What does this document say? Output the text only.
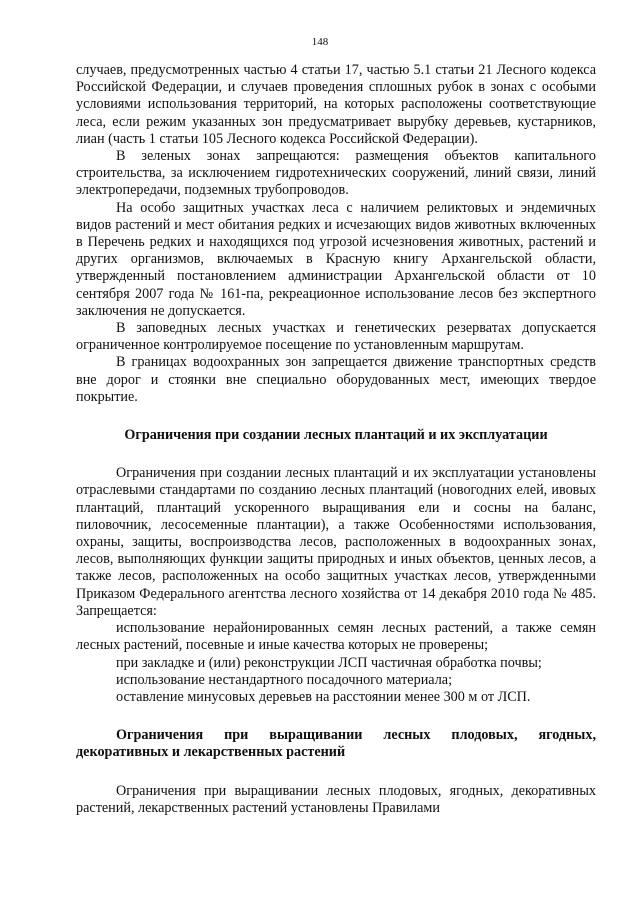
148

случаев, предусмотренных частью 4 статьи 17, частью 5.1 статьи 21 Лесного кодекса Российской Федерации, и случаев проведения сплошных рубок в зонах с особыми условиями использования территорий, на которых расположены соответствующие леса, если режим указанных зон предусматривает вырубку деревьев, кустарников, лиан (часть 1 статьи 105 Лесного кодекса Российской Федерации).

В зеленых зонах запрещаются: размещения объектов капитального строительства, за исключением гидротехнических сооружений, линий связи, линий электропередачи, подземных трубопроводов.

На особо защитных участках леса с наличием реликтовых и эндемичных видов растений и мест обитания редких и исчезающих видов животных включенных в Перечень редких и находящихся под угрозой исчезновения животных, растений и других организмов, включаемых в Красную книгу Архангельской области, утвержденный постановлением администрации Архангельской области от 10 сентября 2007 года № 161-па, рекреационное использование лесов без экспертного заключения не допускается.

В заповедных лесных участках и генетических резерватах допускается ограниченное контролируемое посещение по установленным маршрутам.

В границах водоохранных зон запрещается движение транспортных средств вне дорог и стоянки вне специально оборудованных мест, имеющих твердое покрытие.

Ограничения при создании лесных плантаций и их эксплуатации

Ограничения при создании лесных плантаций и их эксплуатации установлены отраслевыми стандартами по созданию лесных плантаций (новогодних елей, ивовых плантаций, плантаций ускоренного выращивания ели и сосны на баланс, пиловочник, лесосеменные плантации), а также Особенностями использования, охраны, защиты, воспроизводства лесов, расположенных в водоохранных зонах, лесов, выполняющих функции защиты природных и иных объектов, ценных лесов, а также лесов, расположенных на особо защитных участках лесов, утвержденными Приказом Федерального агентства лесного хозяйства от 14 декабря 2010 года № 485. Запрещается:

использование нерайонированных семян лесных растений, а также семян лесных растений, посевные и иные качества которых не проверены;

при закладке и (или) реконструкции ЛСП частичная обработка почвы;

использование нестандартного посадочного материала;

оставление минусовых деревьев на расстоянии менее 300 м от ЛСП.

Ограничения при выращивании лесных плодовых, ягодных, декоративных и лекарственных растений

Ограничения при выращивании лесных плодовых, ягодных, декоративных растений, лекарственных растений установлены Правилами
